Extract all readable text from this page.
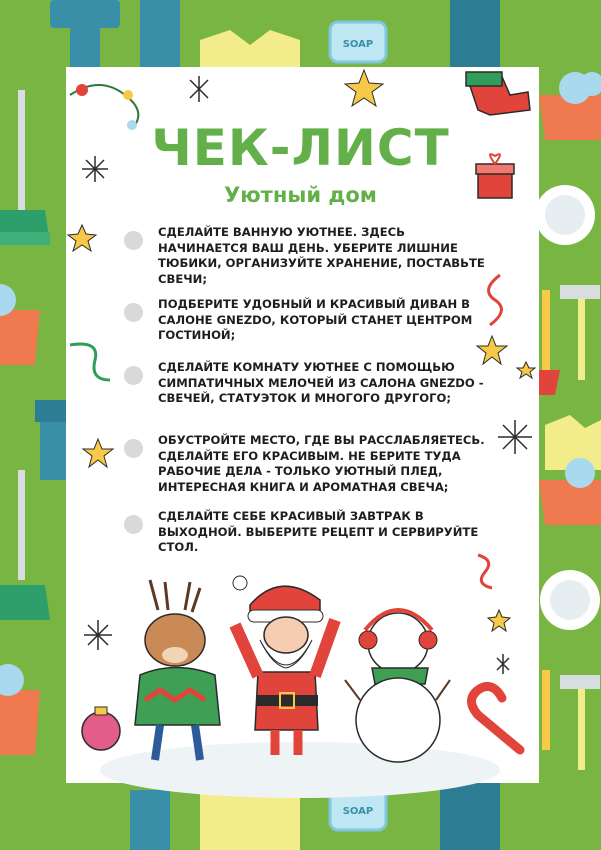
SOAP
SOAP
ЧЕК-ЛИСТ
Уютный дом
СДЕЛАЙТЕ ВАННУЮ УЮТНЕЕ. ЗДЕСЬ НАЧИНАЕТСЯ ВАШ ДЕНЬ. УБЕРИТЕ ЛИШНИЕ ТЮБИКИ, ОРГАНИЗУЙТЕ ХРАНЕНИЕ, ПОСТАВЬТЕ СВЕЧИ;
ПОДБЕРИТЕ УДОБНЫЙ И КРАСИВЫЙ ДИВАН В САЛОНЕ GNEZDO, КОТОРЫЙ СТАНЕТ ЦЕНТРОМ ГОСТИНОЙ;
СДЕЛАЙТЕ КОМНАТУ УЮТНЕЕ С ПОМОЩЬЮ СИМПАТИЧНЫХ МЕЛОЧЕЙ ИЗ САЛОНА GNEZDO - СВЕЧЕЙ, СТАТУЭТОК И МНОГОГО ДРУГОГО;
ОБУСТРОЙТЕ МЕСТО, ГДЕ ВЫ РАССЛАБЛЯЕТЕСЬ. СДЕЛАЙТЕ ЕГО КРАСИВЫМ. НЕ БЕРИТЕ ТУДА РАБОЧИЕ ДЕЛА - ТОЛЬКО УЮТНЫЙ ПЛЕД, ИНТЕРЕСНАЯ КНИГА И АРОМАТНАЯ СВЕЧА;
СДЕЛАЙТЕ СЕБЕ КРАСИВЫЙ ЗАВТРАК В ВЫХОДНОЙ. ВЫБЕРИТЕ РЕЦЕПТ И СЕРВИРУЙТЕ СТОЛ.
